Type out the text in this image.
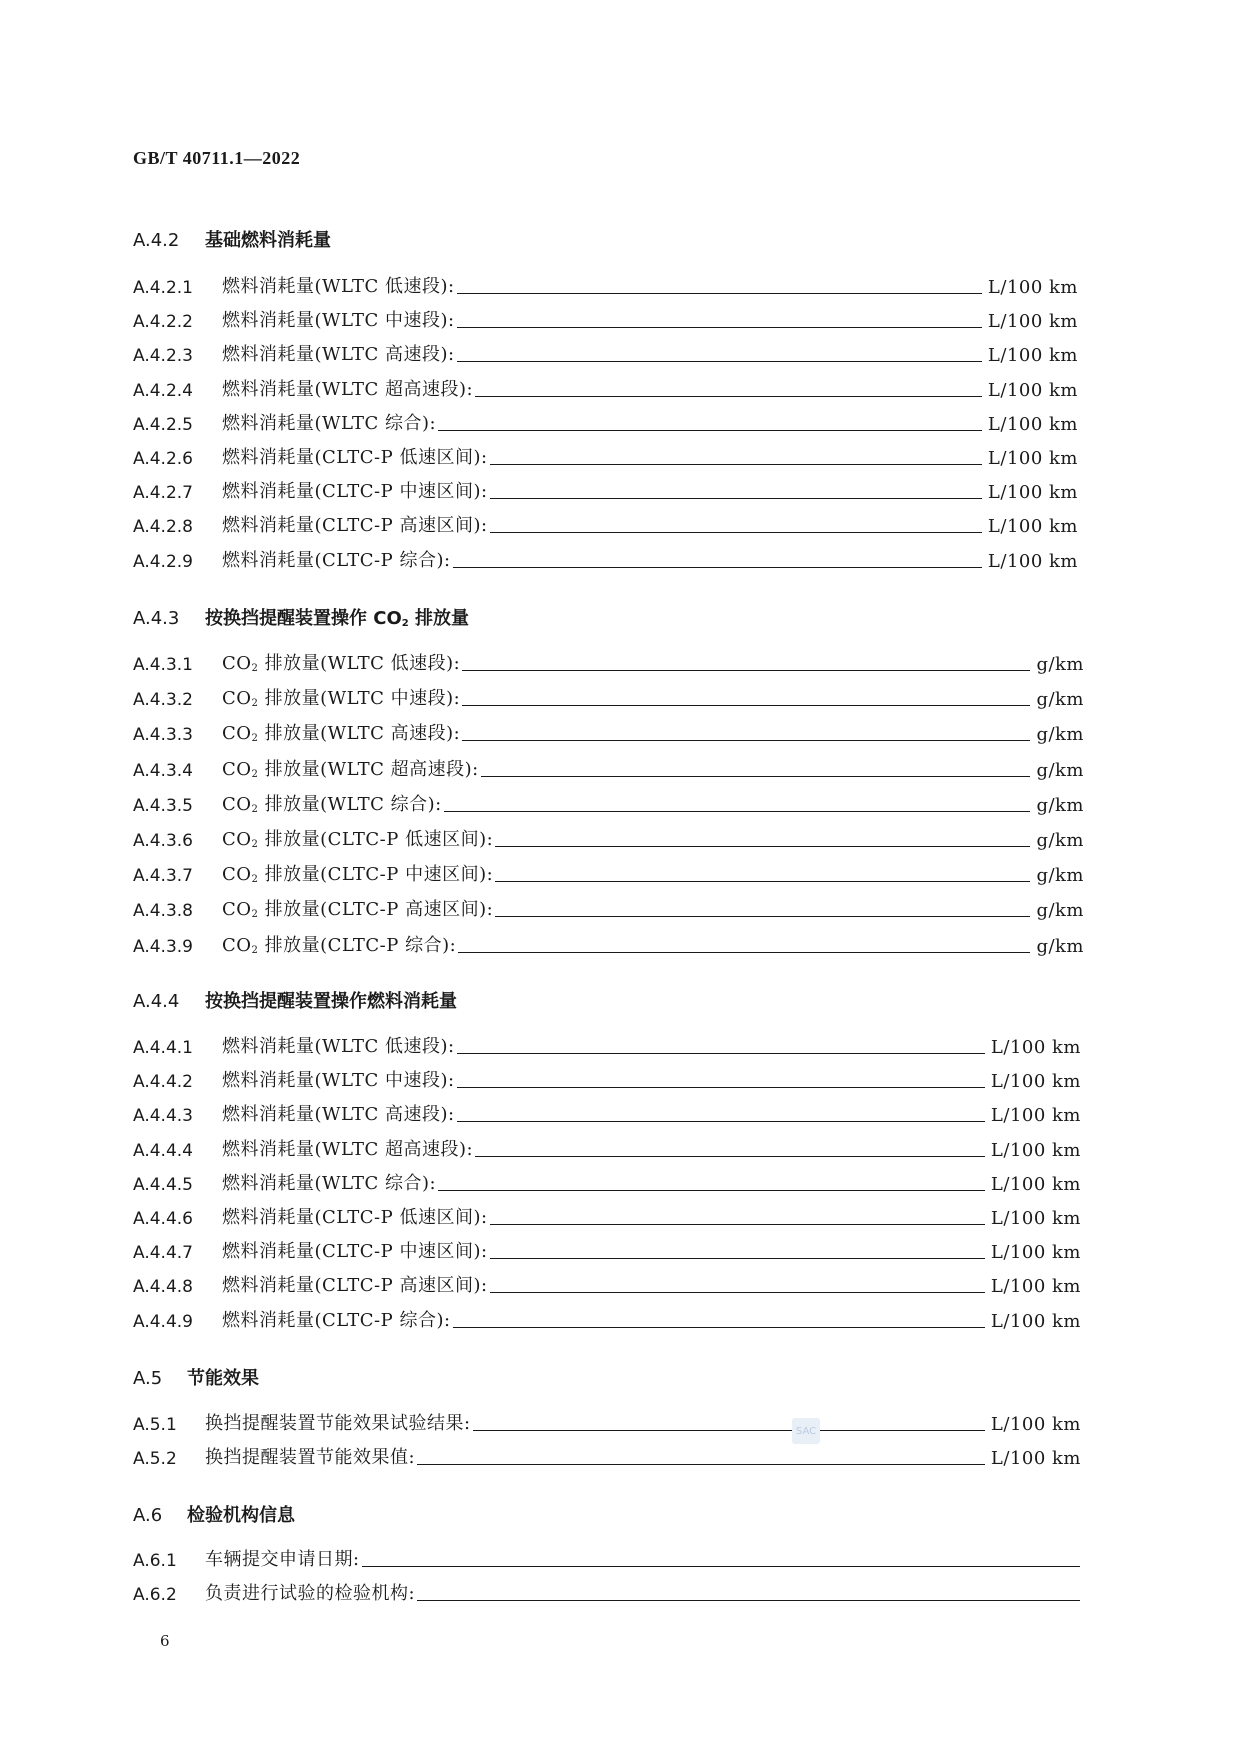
GB/T 40711.1—2022
A.4.2 基础燃料消耗量
A.4.2.1	燃料消耗量(WLTC 低速段):	L/100 km
A.4.2.2	燃料消耗量(WLTC 中速段):	L/100 km
A.4.2.3	燃料消耗量(WLTC 高速段):	L/100 km
A.4.2.4	燃料消耗量(WLTC 超高速段):	L/100 km
A.4.2.5	燃料消耗量(WLTC 综合):	L/100 km
A.4.2.6	燃料消耗量(CLTC-P 低速区间):	L/100 km
A.4.2.7	燃料消耗量(CLTC-P 中速区间):	L/100 km
A.4.2.8	燃料消耗量(CLTC-P 高速区间):	L/100 km
A.4.2.9	燃料消耗量(CLTC-P 综合):	L/100 km
A.4.3 按换挡提醒装置操作 $CO_2$ 排放量
A.4.3.1	$CO_2$ 排放量(WLTC 低速段):	g/km
A.4.3.2	$CO_2$ 排放量(WLTC 中速段):	g/km
A.4.3.3	$CO_2$ 排放量(WLTC 高速段):	g/km
A.4.3.4	$CO_2$ 排放量(WLTC 超高速段):	g/km
A.4.3.5	$CO_2$ 排放量(WLTC 综合):	g/km
A.4.3.6	$CO_2$ 排放量(CLTC-P 低速区间):	g/km
A.4.3.7	$CO_2$ 排放量(CLTC-P 中速区间):	g/km
A.4.3.8	$CO_2$ 排放量(CLTC-P 高速区间):	g/km
A.4.3.9	$CO_2$ 排放量(CLTC-P 综合):	g/km
A.4.4 按换挡提醒装置操作燃料消耗量
A.4.4.1	燃料消耗量(WLTC 低速段):	L/100 km
A.4.4.2	燃料消耗量(WLTC 中速段):	L/100 km
A.4.4.3	燃料消耗量(WLTC 高速段):	L/100 km
A.4.4.4	燃料消耗量(WLTC 超高速段):	L/100 km
A.4.4.5	燃料消耗量(WLTC 综合):	L/100 km
A.4.4.6	燃料消耗量(CLTC-P 低速区间):	L/100 km
A.4.4.7	燃料消耗量(CLTC-P 中速区间):	L/100 km
A.4.4.8	燃料消耗量(CLTC-P 高速区间):	L/100 km
A.4.4.9	燃料消耗量(CLTC-P 综合):	L/100 km
A.5 节能效果
A.5.1	换挡提醒装置节能效果试验结果:	L/100 km
A.5.2	换挡提醒装置节能效果值:	L/100 km
A.6 检验机构信息
A.6.1	车辆提交申请日期:
A.6.2	负责进行试验的检验机构:
SAC
6
